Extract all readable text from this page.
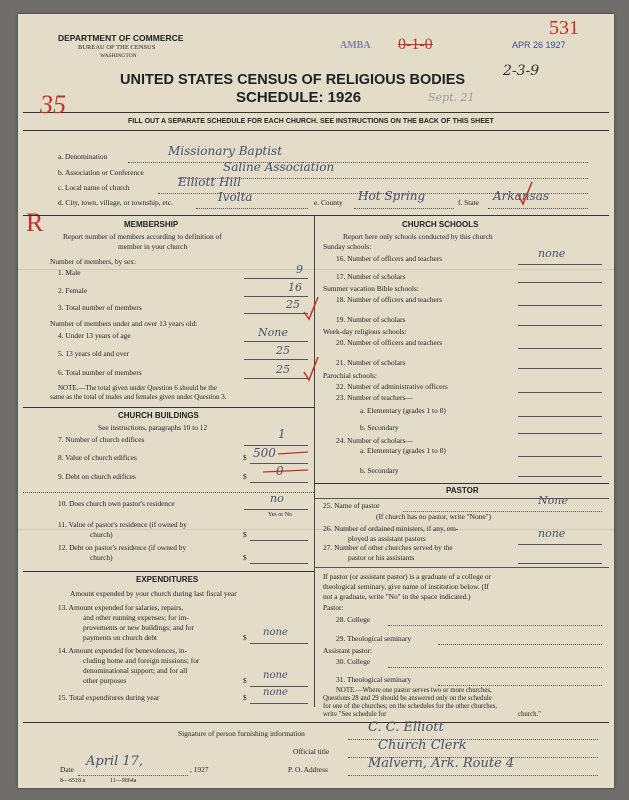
DEPARTMENT OF COMMERCE
BUREAU OF THE CENSUS
WASHINGTON
UNITED STATES CENSUS OF RELIGIOUS BODIES
SCHEDULE: 1926
FILL OUT A SEPARATE SCHEDULE FOR EACH CHURCH. SEE INSTRUCTIONS ON THE BACK OF THIS SHEET
35
531
APR 26 1927
0-1-0
AMBA
2-3-9
Sept. 21
R
a. Denomination	Missionary Baptist
b. Association or Conference	Saline Association
c. Local name of church	Elliott Hill
d. City, town, village, or township, etc.	Ivolta	e. County Hot Spring	f. State Arkansas
MEMBERSHIP
Report number of members according to definition of
member in your church
Number of members, by sex:
1. Male	9
2. Female	16
3. Total number of members	25
Number of members under and over 13 years old:
4. Under 13 years of age	None
5. 13 years old and over	25
6. Total number of members	25
NOTE.—The total given under Question 6 should be the
same as the total of males and females given under Question 3.
CHURCH BUILDINGS
See instructions, paragraphs 10 to 12
7. Number of church edifices	1
8. Value of church edifices	$ 500
9. Debt on church edifices	$ 0
10. Does church own pastor's residence	no
Yes or No
11. Value of pastor's residence (if owned by
church)	$
12. Debt on pastor's residence (if owned by
church)	$
EXPENDITURES
Amount expended by your church during last fiscal year
13. Amount expended for salaries, repairs,
and other running expenses; for im-
provements or new buildings; and for
payments on church debt	$ none
14. Amount expended for benevolences, in-
cluding home and foreign missions; for
denominational support; and for all
other purposes	$ none
15. Total expenditures during year	$ none
CHURCH SCHOOLS
Report here only schools conducted by this church
Sunday schools:
16. Number of officers and teachers	none
17. Number of scholars
Summer vacation Bible schools:
18. Number of officers and teachers
19. Number of scholars
Week-day religious schools:
20. Number of officers and teachers
21. Number of scholars
Parochial schools:
22. Number of administrative officers
23. Number of teachers—
a. Elementary (grades 1 to 8)
b. Secondary
24. Number of scholars—
a. Elementary (grades 1 to 8)
b. Secondary
PASTOR
25. Name of pastor	None
(If church has no pastor, write "None")
26. Number of ordained ministers, if any, em-
ployed as assistant pastors	none
27. Number of other churches served by the
pastor or his assistants
If pastor (or assistant pastor) is a graduate of a college or
theological seminary, give name of institution below. (If
not a graduate, write "No" in the space indicated.)
Pastor:
28. College
29. Theological seminary
Assistant pastor:
30. College
31. Theological seminary
NOTE.—Where one pastor serves two or more churches,
Questions 28 and 29 should be answered only on the schedule
for one of the churches; on the schedules for the other churches,
write "See schedule for	church."
Signature of person furnishing information	C. C. Elliott
Official title	Church Clerk
Date
April 17,
, 1927	P. O. Address	Malvern, Ark. Route 4
8—6518 a	11—9064a
